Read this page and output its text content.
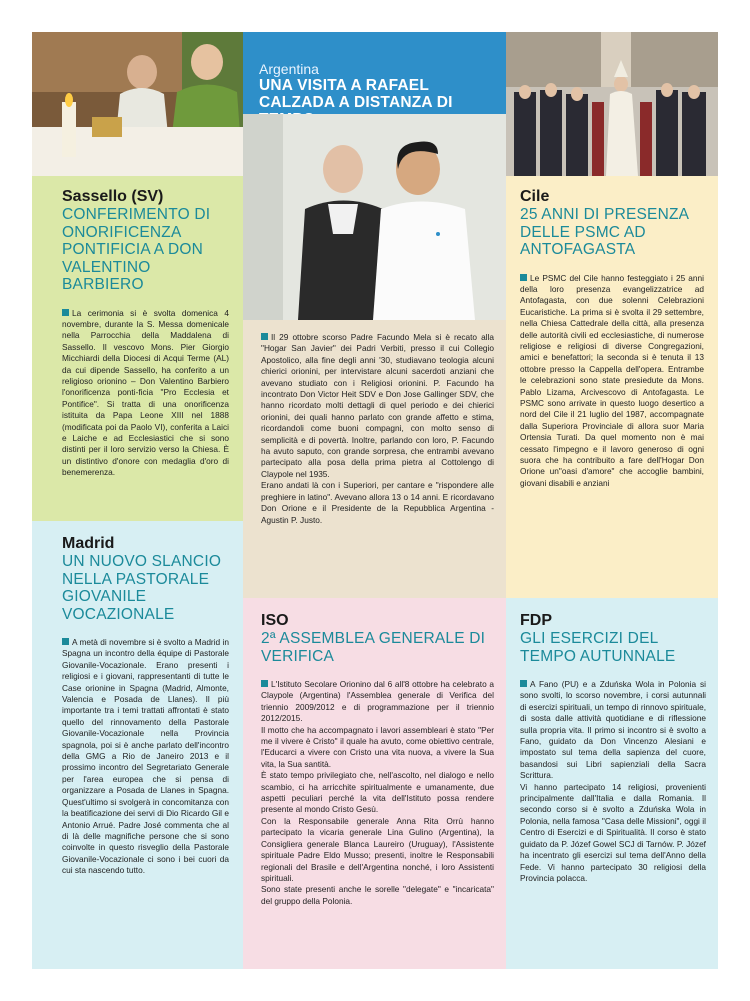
Sassello (SV)
CONFERIMENTO DI ONORIFICENZA PONTIFICIA A DON VALENTINO BARBIERO
La cerimonia si è svolta domenica 4 novembre, durante la S. Messa domenicale nella Parrocchia della Maddalena di Sassello. Il vescovo Mons. Pier Giorgio Micchiardi della Diocesi di Acqui Terme (AL) da cui dipende Sassello, ha conferito a un religioso orionino – Don Valentino Barbiero l'onorificenza ponti-ficia "Pro Ecclesia et Pontifice". Si tratta di una onorificenza istituita da Papa Leone XIII nel 1888 (modificata poi da Paolo VI), conferita a Laici e Laiche e ad Ecclesiastici che si sono distinti per il loro servizio verso la Chiesa. È un distintivo d'onore con medaglia d'oro di benemerenza.
Madrid
UN NUOVO SLANCIO NELLA PASTORALE GIOVANILE VOCAZIONALE
A metà di novembre si è svolto a Madrid in Spagna un incontro della équipe di Pastorale Giovanile-Vocazionale. Erano presenti i religiosi e i giovani, rappresentanti di tutte le Case orionine in Spagna (Madrid, Almonte, Valencia e Posada de Llanes). Il più importante tra i temi trattati affrontati è stato quello del rinnovamento della Pastorale Giovanile-Vocazionale nella Provincia spagnola, poi si è anche parlato dell'incontro della GMG a Rio de Janeiro 2013 e il prossimo incontro del Segretariato Generale per l'area europea che si pensa di organizzare a Posada de Llanes in Spagna. Quest'ultimo si svolgerà in concomitanza con la beatificazione dei servi di Dio Ricardo Gil e Antonio Arrué. Padre José commenta che al di là delle magnifiche persone che si sono coinvolte in questo risveglio della Pastorale Giovanile-Vocazionale ci sono i bei cuori da cui sta nascendo tutto.
Argentina
UNA VISITA A RAFAEL CALZADA A DISTANZA DI
Il 29 ottobre scorso Padre Facundo Mela si è recato alla "Hogar San Javier" dei Padri Verbiti, presso il cui Collegio Apostolico, alla fine degli anni '30, studiavano teologia alcuni chierici orionini, per intervistare alcuni sacerdoti anziani che avevano studiato con i Religiosi orionini. P. Facundo ha incontrato Don Victor Heit SDV e Don Jose Gallinger SDV, che hanno ricordato molti dettagli di quel periodo e dei chierici orionini, dei quali hanno parlato con grande affetto e stima, ricordandoli come buoni compagni, con molto senso di semplicità e di povertà. Inoltre, parlando con loro, P. Facundo ha avuto saputo, con grande sorpresa, che entrambi avevano partecipato alla posa della prima pietra al Cottolengo di Claypole nel 1935.
Erano andati là con i Superiori, per cantare e "rispondere alle preghiere in latino". Avevano allora 13 o 14 anni. E ricordavano Don Orione e il Presidente de la Repubblica Argentina - Agustin P. Justo.
ISO
2ª ASSEMBLEA GENERALE DI VERIFICA
L'Istituto Secolare Orionino dal 6 all'8 ottobre ha celebrato a Claypole (Argentina) l'Assemblea generale di Verifica del triennio 2009/2012 e di programmazione per il triennio 2012/2015.
Il motto che ha accompagnato i lavori assembleari è stato "Per me il vivere è Cristo" il quale ha avuto, come obiettivo centrale, l'Educarci a vivere con Cristo una vita nuova, a vivere la Sua vita, la Sua santità.
È stato tempo privilegiato che, nell'ascolto, nel dialogo e nello scambio, ci ha arricchite spiritualmente e umanamente, due aspetti peculiari perché la vita dell'Istituto possa rendere presente al mondo Cristo Gesù.
Con la Responsabile generale Anna Rita Orrù hanno partecipato la vicaria generale Lina Gulino (Argentina), la Consigliera generale Blanca Laureiro (Uruguay), l'Assistente spirituale Padre Eldo Musso; presenti, inoltre le Responsabili regionali del Brasile e dell'Argentina nonché, i loro Assistenti spirituali.
Sono state presenti anche le sorelle "delegate" e "incaricata" del gruppo della Polonia.
Cile
25 ANNI DI PRESENZA DELLE PSMC AD ANTOFAGASTA
Le PSMC del Cile hanno festeggiato i 25 anni della loro presenza evangelizzatrice ad Antofagasta, con due solenni Celebrazioni Eucaristiche. La prima si è svolta il 29 settembre, nella Chiesa Cattedrale della città, alla presenza delle autorità civili ed ecclesiastiche, di numerose religiose e religiosi di diverse Congregazioni, amici e benefattori; la seconda si è tenuta il 13 ottobre presso la Cappella dell'opera. Entrambe le celebrazioni sono state presiedute da Mons. Pablo Lizama, Arcivescovo di Antofagasta. Le PSMC sono arrivate in questo luogo desertico a nord del Cile il 21 luglio del 1987, accompagnate dalla Superiora Provinciale di allora suor Maria Ortensia Turati. Da quel momento non è mai cessato l'impegno e il lavoro generoso di ogni suora che ha contribuito a fare dell'Hogar Don Orione un"oasi d'amore" che accoglie bambini, giovani disabili e anziani
FDP
GLI ESERCIZI DEL TEMPO AUTUNNALE
A Fano (PU) e a Zduńska Wola in Polonia si sono svolti, lo scorso novembre, i corsi autunnali di esercizi spirituali, un tempo di rinnovo spirituale, di sosta dalle attività quotidiane e di riflessione sulla propria vita. Il primo si incontro si è svolto a Fano, guidato da Don Vincenzo Alesiani e impostato sul tema della sapienza del cuore, basandosi sui Libri sapienziali della Sacra Scrittura.
Vi hanno partecipato 14 religiosi, provenienti principalmente dall'Italia e dalla Romania. Il secondo corso si è svolto a Zduńska Wola in Polonia, nella famosa "Casa delle Missioni", oggi il Centro di Esercizi e di Spiritualità. Il corso è stato guidato da P. Józef Gowel SCJ di Tarnów. P. Józef ha incentrato gli esercizi sul tema dell'Anno della Fede. Vi hanno partecipato 30 religiosi della Provincia polacca.
